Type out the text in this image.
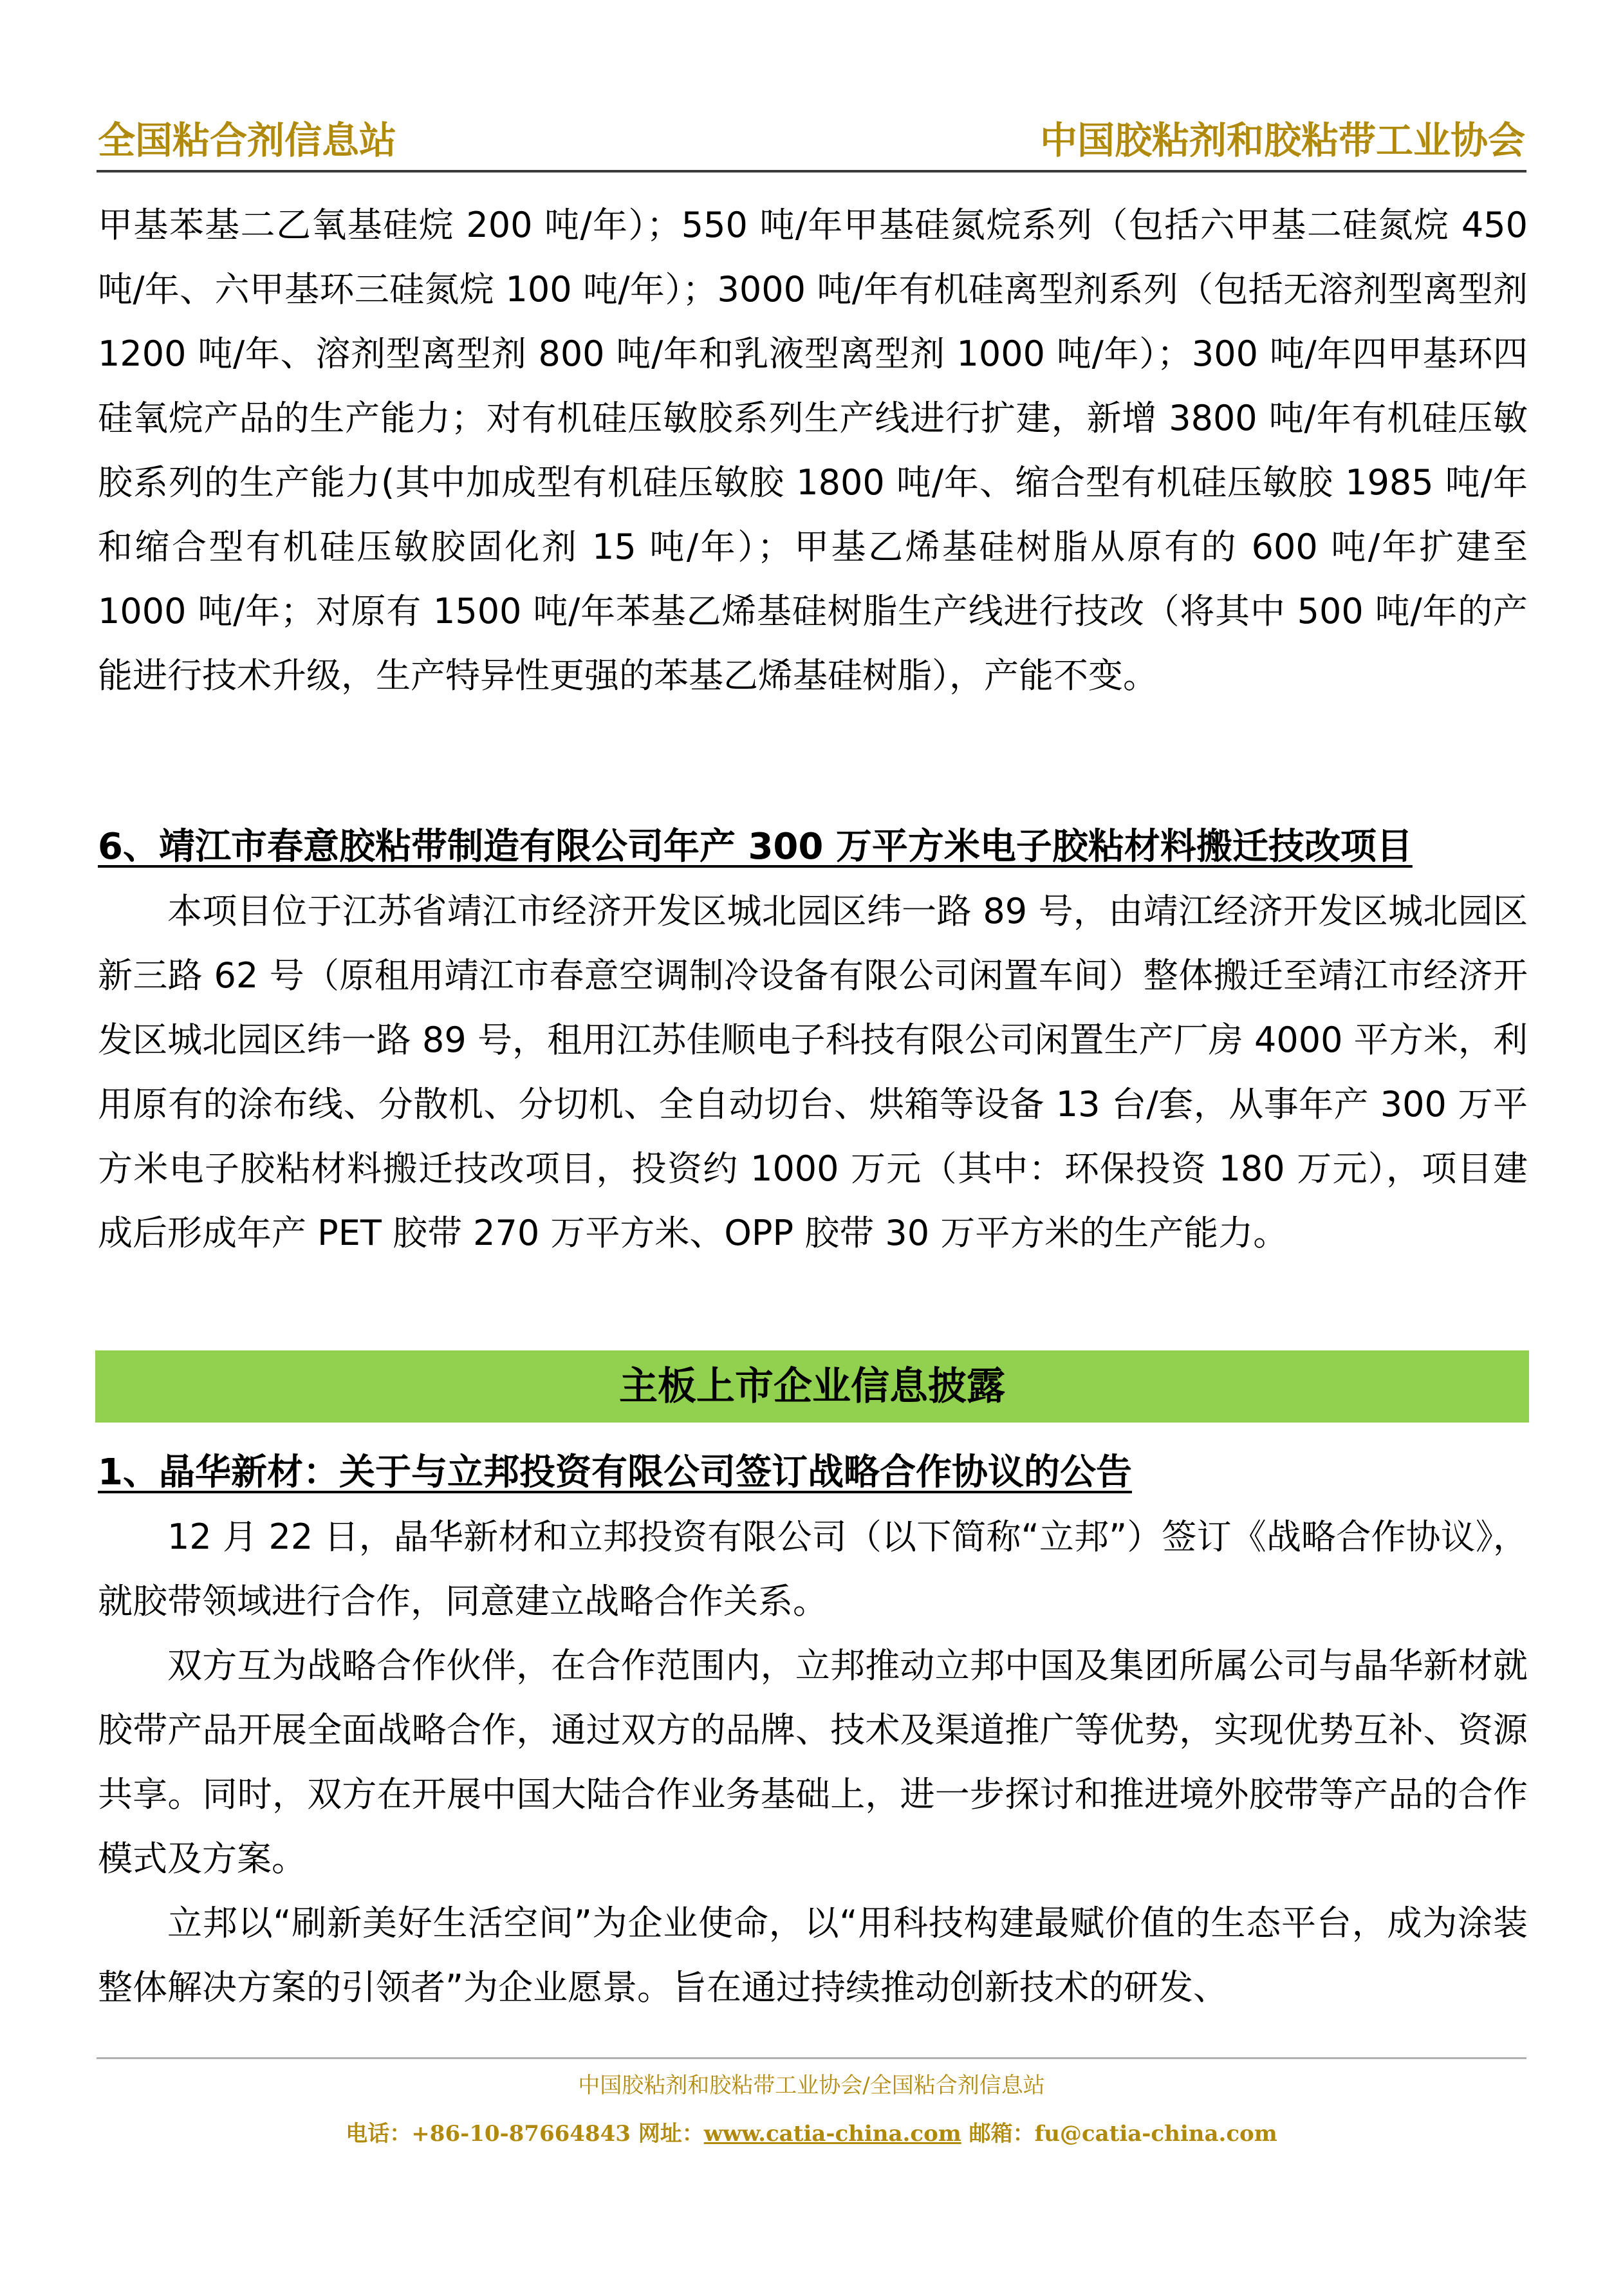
全国粘合剂信息站	中国胶粘剂和胶粘带工业协会

甲基苯基二乙氧基硅烷 200 吨/年）；550 吨/年甲基硅氮烷系列（包括六甲基二硅氮烷 450 吨/年、六甲基环三硅氮烷 100 吨/年）；3000 吨/年有机硅离型剂系列（包括无溶剂型离型剂 1200 吨/年、溶剂型离型剂 800 吨/年和乳液型离型剂 1000 吨/年）；300 吨/年四甲基环四硅氧烷产品的生产能力；对有机硅压敏胶系列生产线进行扩建，新增 3800 吨/年有机硅压敏胶系列的生产能力(其中加成型有机硅压敏胶 1800 吨/年、缩合型有机硅压敏胶 1985 吨/年和缩合型有机硅压敏胶固化剂 15 吨/年）；甲基乙烯基硅树脂从原有的 600 吨/年扩建至 1000 吨/年；对原有 1500 吨/年苯基乙烯基硅树脂生产线进行技改（将其中 500 吨/年的产能进行技术升级，生产特异性更强的苯基乙烯基硅树脂），产能不变。

6、靖江市春意胶粘带制造有限公司年产 300 万平方米电子胶粘材料搬迁技改项目

本项目位于江苏省靖江市经济开发区城北园区纬一路 89 号，由靖江经济开发区城北园区新三路 62 号（原租用靖江市春意空调制冷设备有限公司闲置车间）整体搬迁至靖江市经济开发区城北园区纬一路 89 号，租用江苏佳顺电子科技有限公司闲置生产厂房 4000 平方米，利用原有的涂布线、分散机、分切机、全自动切台、烘箱等设备 13 台/套，从事年产 300 万平方米电子胶粘材料搬迁技改项目，投资约 1000 万元（其中：环保投资 180 万元），项目建成后形成年产 PET 胶带 270 万平方米、OPP 胶带 30 万平方米的生产能力。

主板上市企业信息披露
1、晶华新材：关于与立邦投资有限公司签订战略合作协议的公告

12 月 22 日，晶华新材和立邦投资有限公司（以下简称“立邦”）签订《战略合作协议》，就胶带领域进行合作，同意建立战略合作关系。

双方互为战略合作伙伴，在合作范围内，立邦推动立邦中国及集团所属公司与晶华新材就胶带产品开展全面战略合作，通过双方的品牌、技术及渠道推广等优势，实现优势互补、资源共享。同时，双方在开展中国大陆合作业务基础上，进一步探讨和推进境外胶带等产品的合作模式及方案。

立邦以“刷新美好生活空间”为企业使命，以“用科技构建最赋价值的生态平台，成为涂装整体解决方案的引领者”为企业愿景。旨在通过持续推动创新技术的研发、

中国胶粘剂和胶粘带工业协会/全国粘合剂信息站
电话：+86-10-87664843 网址：www.catia-china.com 邮箱：fu@catia-china.com
